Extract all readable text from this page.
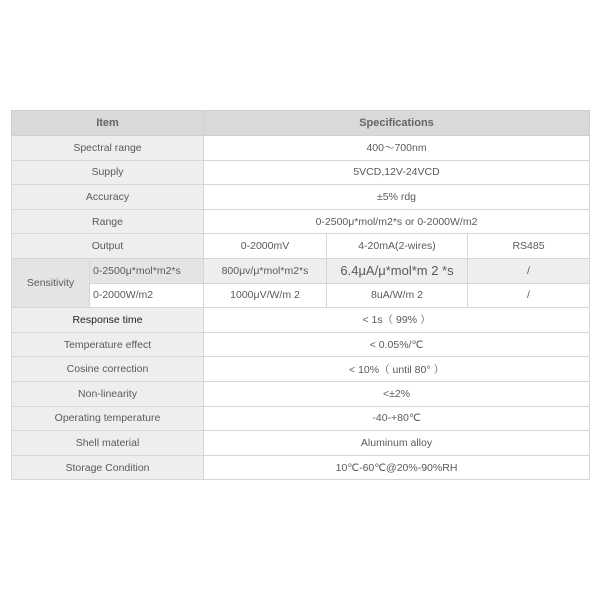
Item		Specifications		
Spectral range		400～700nm		
Supply		5VCD,12V-24VCD		
Accuracy		±5% rdg		
Range		0-2500μ*mol/m2*s or 0-2000W/m2		
Output		0-2000mV	4-20mA(2-wires)	RS485
Sensitivity	0-2500μ*mol*m2*s	800μv/μ*mol*m2*s	6.4μA/μ*mol*m 2 *s	/
	0-2000W/m2	1000μV/W/m 2	8uA/W/m 2	/
Response time		< 1s（ 99% ）		
Temperature effect		< 0.05%/℃		
Cosine correction		< 10%（ until 80° ）		
Non-linearity		<±2%		
Operating temperature		-40-+80℃		
Shell material		Aluminum alloy		
Storage Condition		10℃-60℃@20%-90%RH		
